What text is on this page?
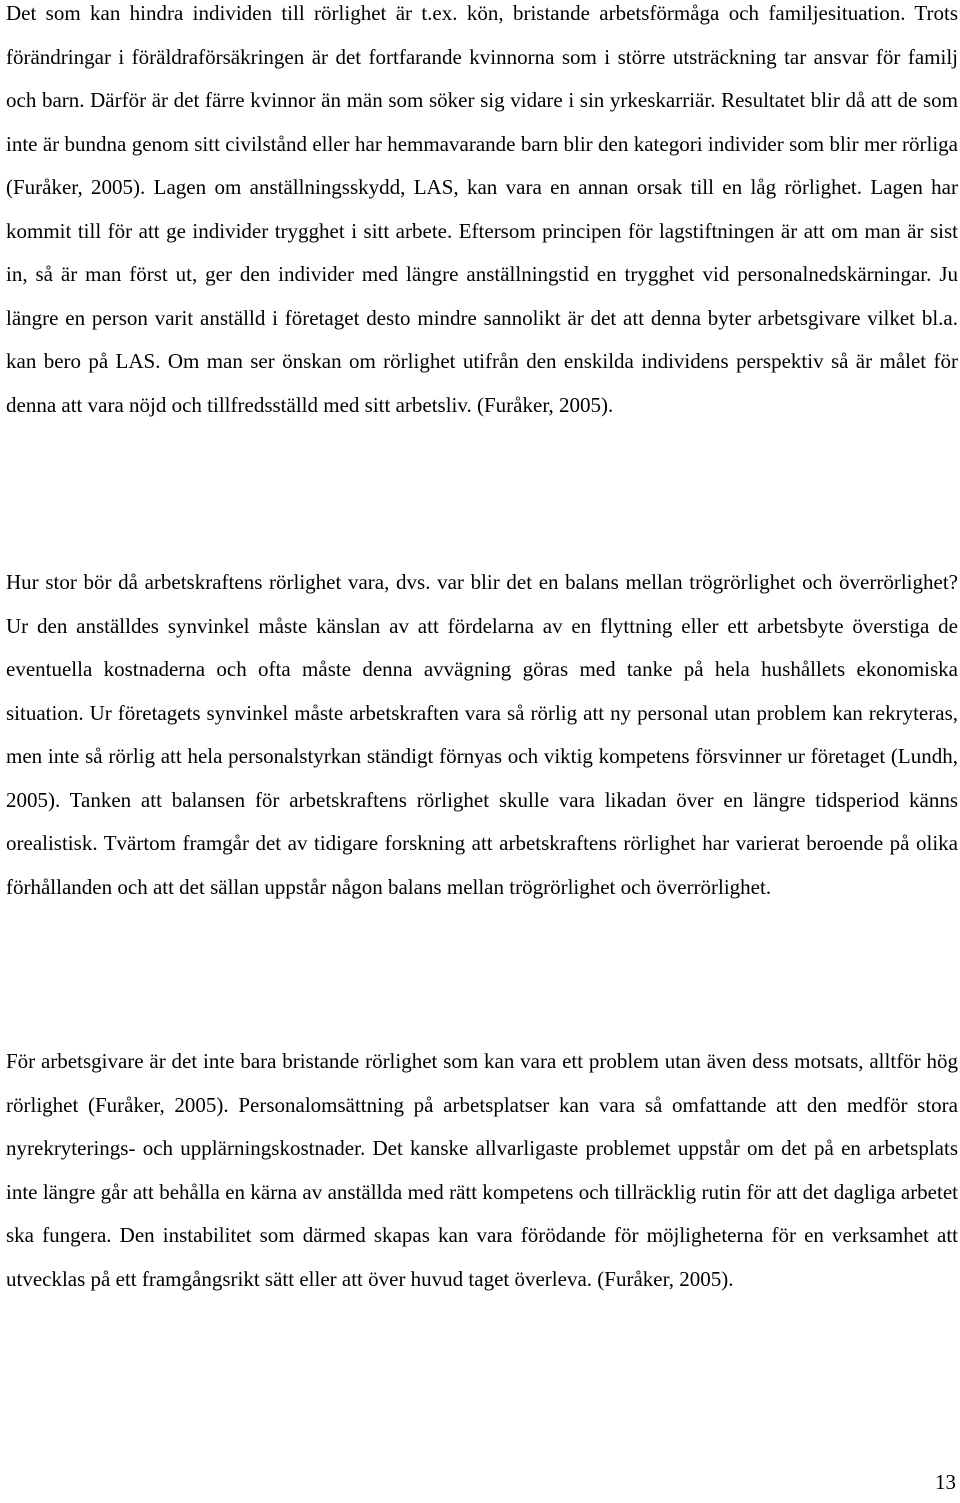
Det som kan hindra individen till rörlighet är t.ex. kön, bristande arbetsförmåga och familjesituation. Trots förändringar i föräldraförsäkringen är det fortfarande kvinnorna som i större utsträckning tar ansvar för familj och barn. Därför är det färre kvinnor än män som söker sig vidare i sin yrkeskarriär. Resultatet blir då att de som inte är bundna genom sitt civilstånd eller har hemmavarande barn blir den kategori individer som blir mer rörliga (Furåker, 2005). Lagen om anställningsskydd, LAS, kan vara en annan orsak till en låg rörlighet. Lagen har kommit till för att ge individer trygghet i sitt arbete. Eftersom principen för lagstiftningen är att om man är sist in, så är man först ut, ger den individer med längre anställningstid en trygghet vid personalnedskärningar. Ju längre en person varit anställd i företaget desto mindre sannolikt är det att denna byter arbetsgivare vilket bl.a. kan bero på LAS. Om man ser önskan om rörlighet utifrån den enskilda individens perspektiv så är målet för denna att vara nöjd och tillfredsställd med sitt arbetsliv. (Furåker, 2005).

Hur stor bör då arbetskraftens rörlighet vara, dvs. var blir det en balans mellan trögrörlighet och överrörlighet? Ur den anställdes synvinkel måste känslan av att fördelarna av en flyttning eller ett arbetsbyte överstiga de eventuella kostnaderna och ofta måste denna avvägning göras med tanke på hela hushållets ekonomiska situation. Ur företagets synvinkel måste arbetskraften vara så rörlig att ny personal utan problem kan rekryteras, men inte så rörlig att hela personalstyrkan ständigt förnyas och viktig kompetens försvinner ur företaget (Lundh, 2005). Tanken att balansen för arbetskraftens rörlighet skulle vara likadan över en längre tidsperiod känns orealistisk. Tvärtom framgår det av tidigare forskning att arbetskraftens rörlighet har varierat beroende på olika förhållanden och att det sällan uppstår någon balans mellan trögrörlighet och överrörlighet.

För arbetsgivare är det inte bara bristande rörlighet som kan vara ett problem utan även dess motsats, alltför hög rörlighet (Furåker, 2005). Personalomsättning på arbetsplatser kan vara så omfattande att den medför stora nyrekryterings- och upplärningskostnader. Det kanske allvarligaste problemet uppstår om det på en arbetsplats inte längre går att behålla en kärna av anställda med rätt kompetens och tillräcklig rutin för att det dagliga arbetet ska fungera. Den instabilitet som därmed skapas kan vara förödande för möjligheterna för en verksamhet att utvecklas på ett framgångsrikt sätt eller att över huvud taget överleva. (Furåker, 2005).

13
